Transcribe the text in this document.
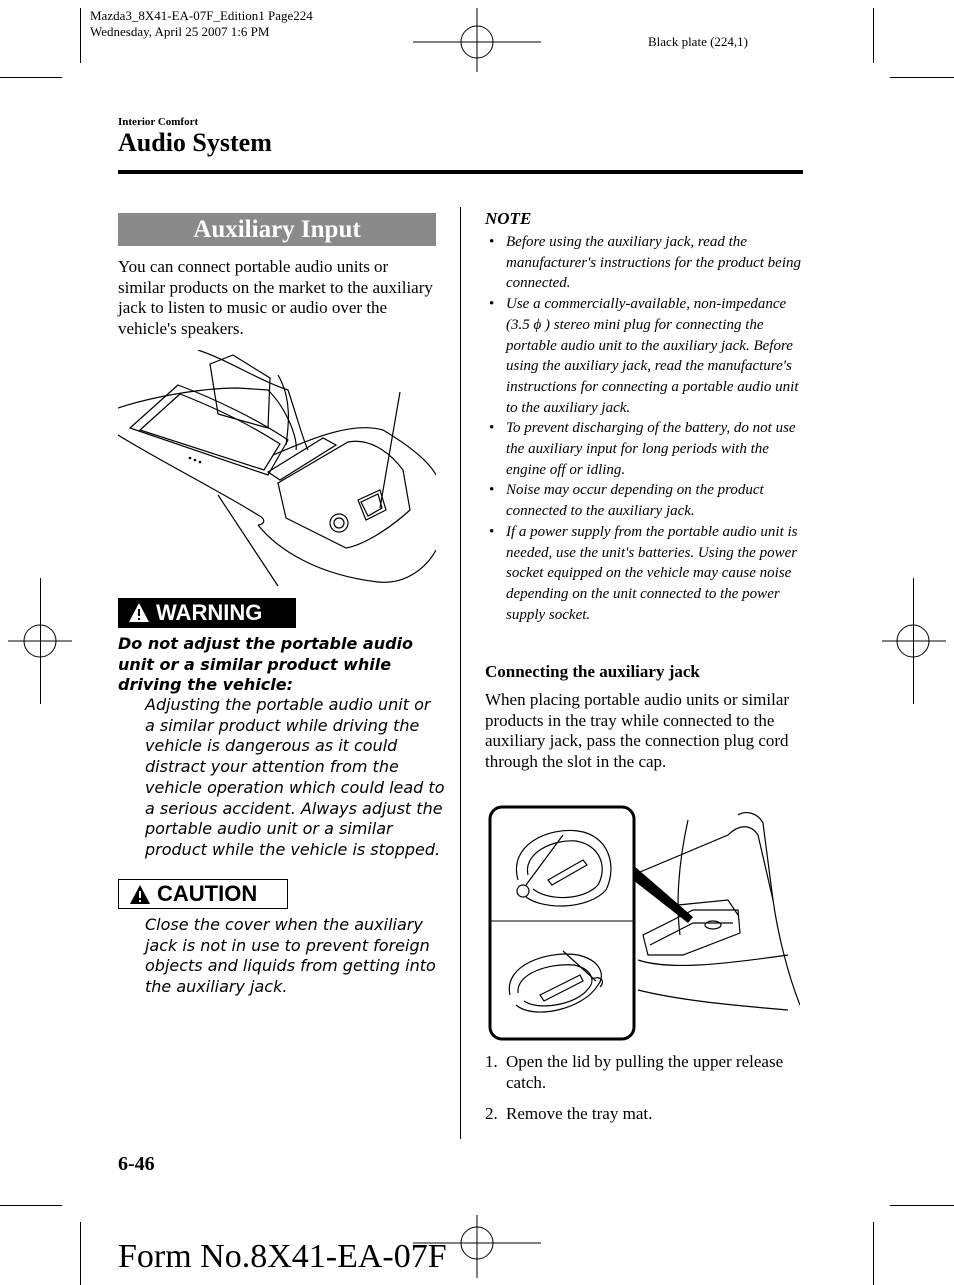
Mazda3_8X41-EA-07F_Edition1 Page224
Wednesday, April 25 2007 1:6 PM
Black plate (224,1)
Interior Comfort
Audio System
Auxiliary Input
You can connect portable audio units or similar products on the market to the auxiliary jack to listen to music or audio over the vehicle's speakers.
WARNING
Do not adjust the portable audio unit or a similar product while driving the vehicle:
Adjusting the portable audio unit or a similar product while driving the vehicle is dangerous as it could distract your attention from the vehicle operation which could lead to a serious accident. Always adjust the portable audio unit or a similar product while the vehicle is stopped.
CAUTION
Close the cover when the auxiliary jack is not in use to prevent foreign objects and liquids from getting into the auxiliary jack.
NOTE
• Before using the auxiliary jack, read the manufacturer's instructions for the product being connected.
• Use a commercially-available, non-impedance (3.5 ϕ ) stereo mini plug for connecting the portable audio unit to the auxiliary jack. Before using the auxiliary jack, read the manufacture's instructions for connecting a portable audio unit to the auxiliary jack.
• To prevent discharging of the battery, do not use the auxiliary input for long periods with the engine off or idling.
• Noise may occur depending on the product connected to the auxiliary jack.
• If a power supply from the portable audio unit is needed, use the unit's batteries. Using the power socket equipped on the vehicle may cause noise depending on the unit connected to the power supply socket.
Connecting the auxiliary jack
When placing portable audio units or similar products in the tray while connected to the auxiliary jack, pass the connection plug cord through the slot in the cap.
1. Open the lid by pulling the upper release catch.
2. Remove the tray mat.
6-46
Form No.8X41-EA-07F
